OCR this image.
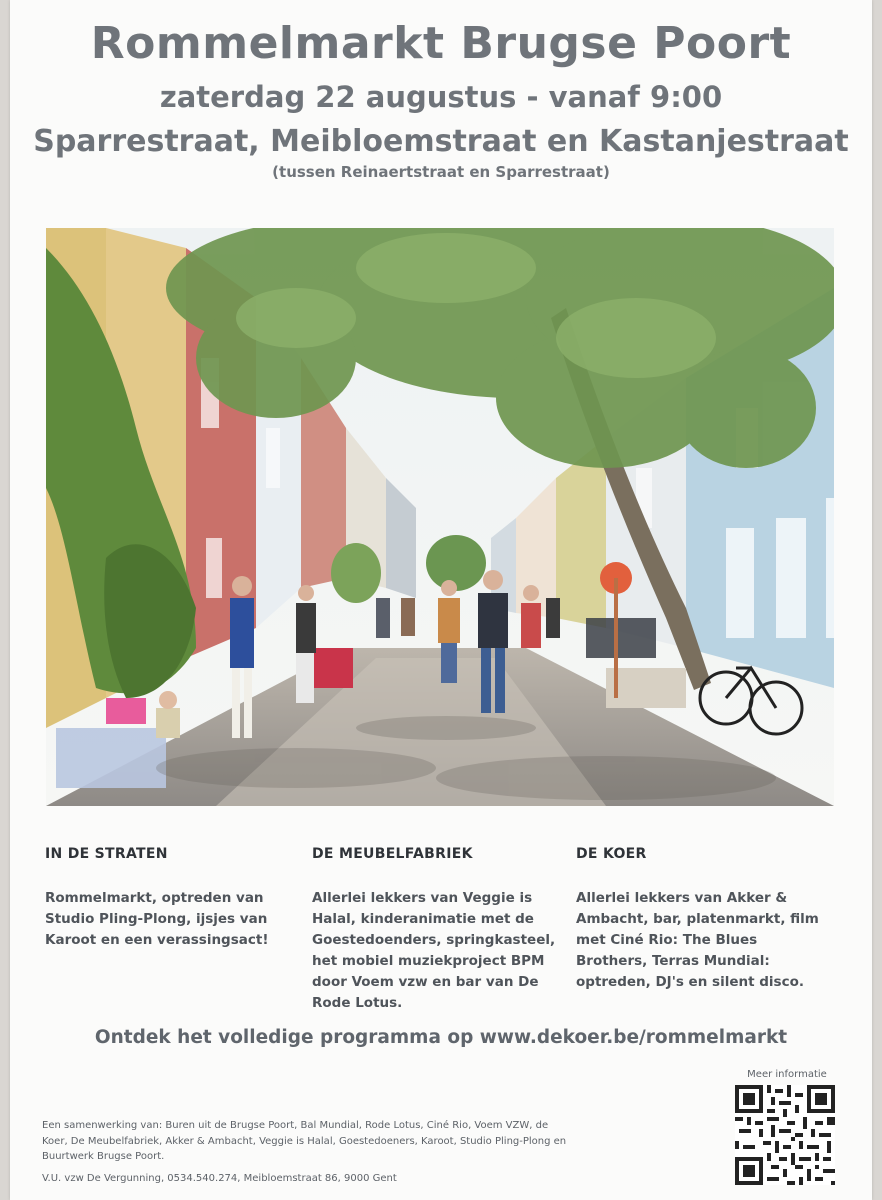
Rommelmarkt Brugse Poort
zaterdag 22 augustus - vanaf 9:00
Sparrestraat, Meibloemstraat en Kastanjestraat
(tussen Reinaertstraat en Sparrestraat)
IN DE STRATEN

Rommelmarkt, optreden van Studio Pling-Plong, ijsjes van Karoot en een verassingsact!

DE MEUBELFABRIEK

Allerlei lekkers van Veggie is Halal, kinderanimatie met de Goestedoenders, springkasteel, het mobiel muziekproject BPM door Voem vzw en bar van De Rode Lotus.

DE KOER

Allerlei lekkers van Akker & Ambacht, bar, platenmarkt, film met Ciné Rio: The Blues Brothers, Terras Mundial: optreden, DJ's en silent disco.

Ontdek het volledige programma op www.dekoer.be/rommelmarkt
Een samenwerking van: Buren uit de Brugse Poort, Bal Mundial, Rode Lotus, Ciné Rio, Voem VZW, de Koer, De Meubelfabriek, Akker & Ambacht, Veggie is Halal, Goestedoeners, Karoot, Studio Pling-Plong en Buurtwerk Brugse Poort.
V.U. vzw De Vergunning, 0534.540.274, Meibloemstraat 86, 9000 Gent
Meer informatie
